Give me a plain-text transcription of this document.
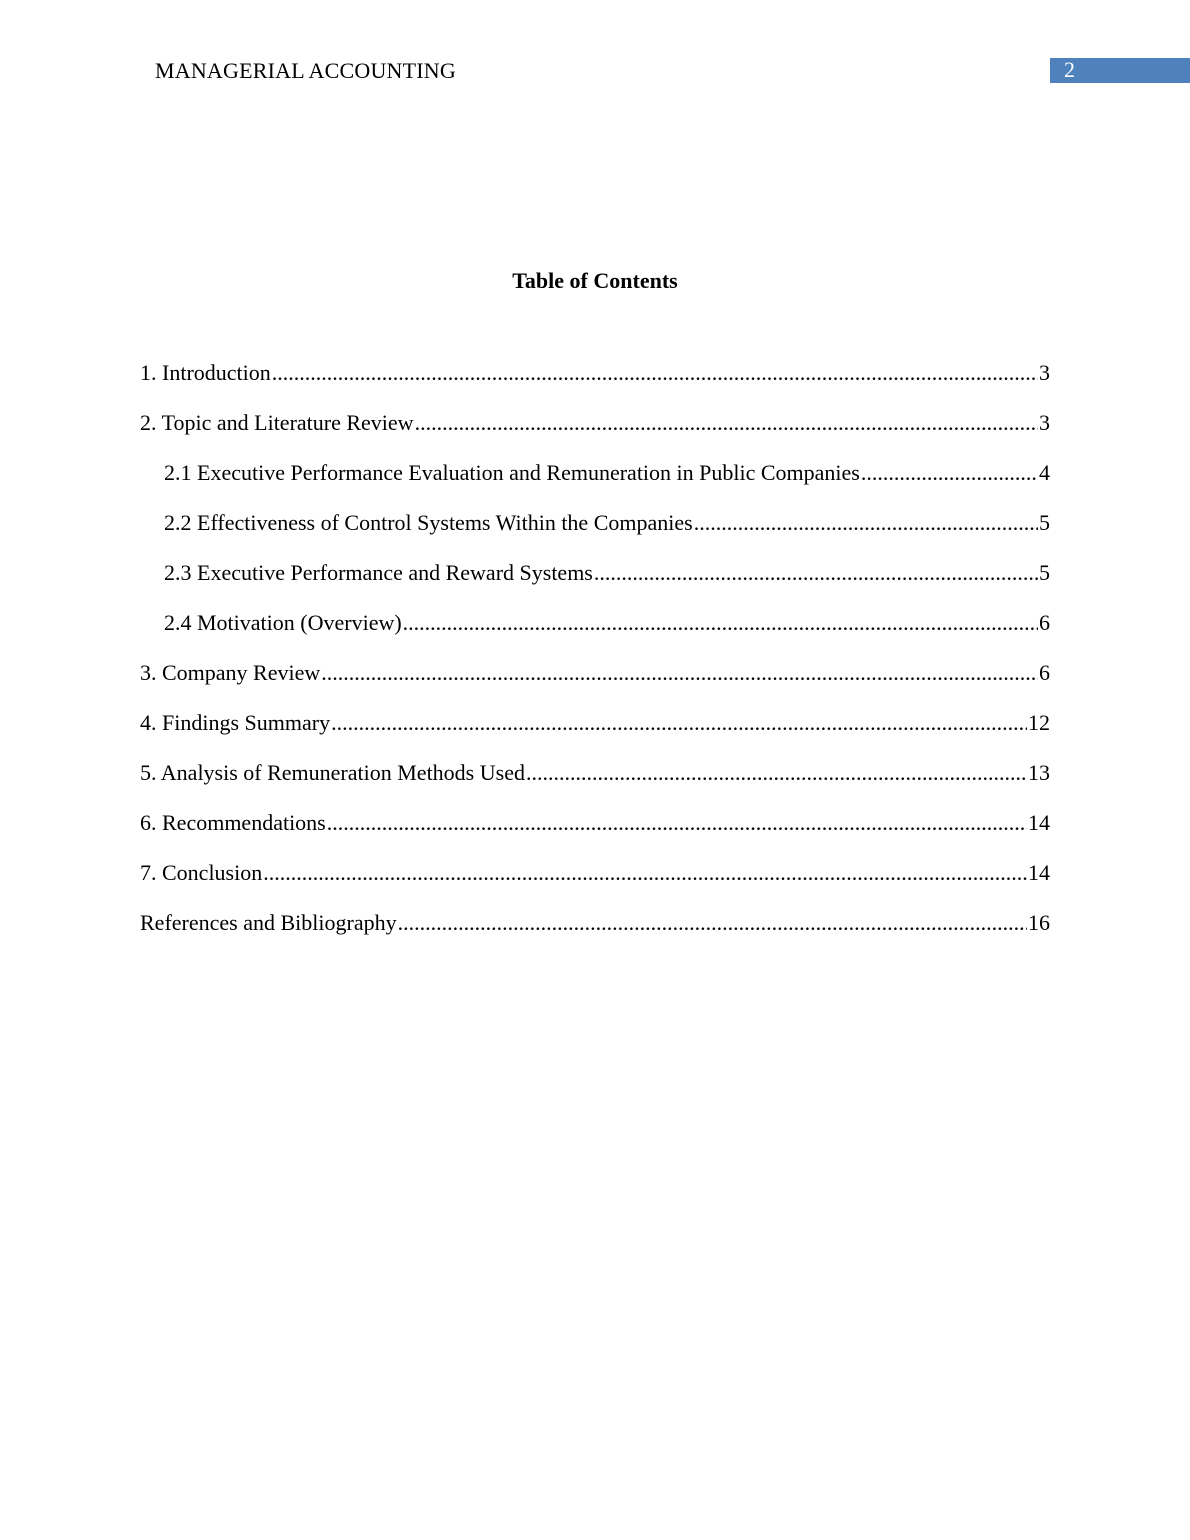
MANAGERIAL ACCOUNTING	2
Table of Contents
1. Introduction .....	3
2. Topic and Literature Review .....	3
2.1 Executive Performance Evaluation and Remuneration in Public Companies .....	4
2.2 Effectiveness of Control Systems Within the Companies .....	5
2.3 Executive Performance and Reward Systems .....	5
2.4 Motivation (Overview) .....	6
3. Company Review .....	6
4. Findings Summary .....	12
5. Analysis of Remuneration Methods Used .....	13
6. Recommendations .....	14
7. Conclusion .....	14
References and Bibliography .....	16
